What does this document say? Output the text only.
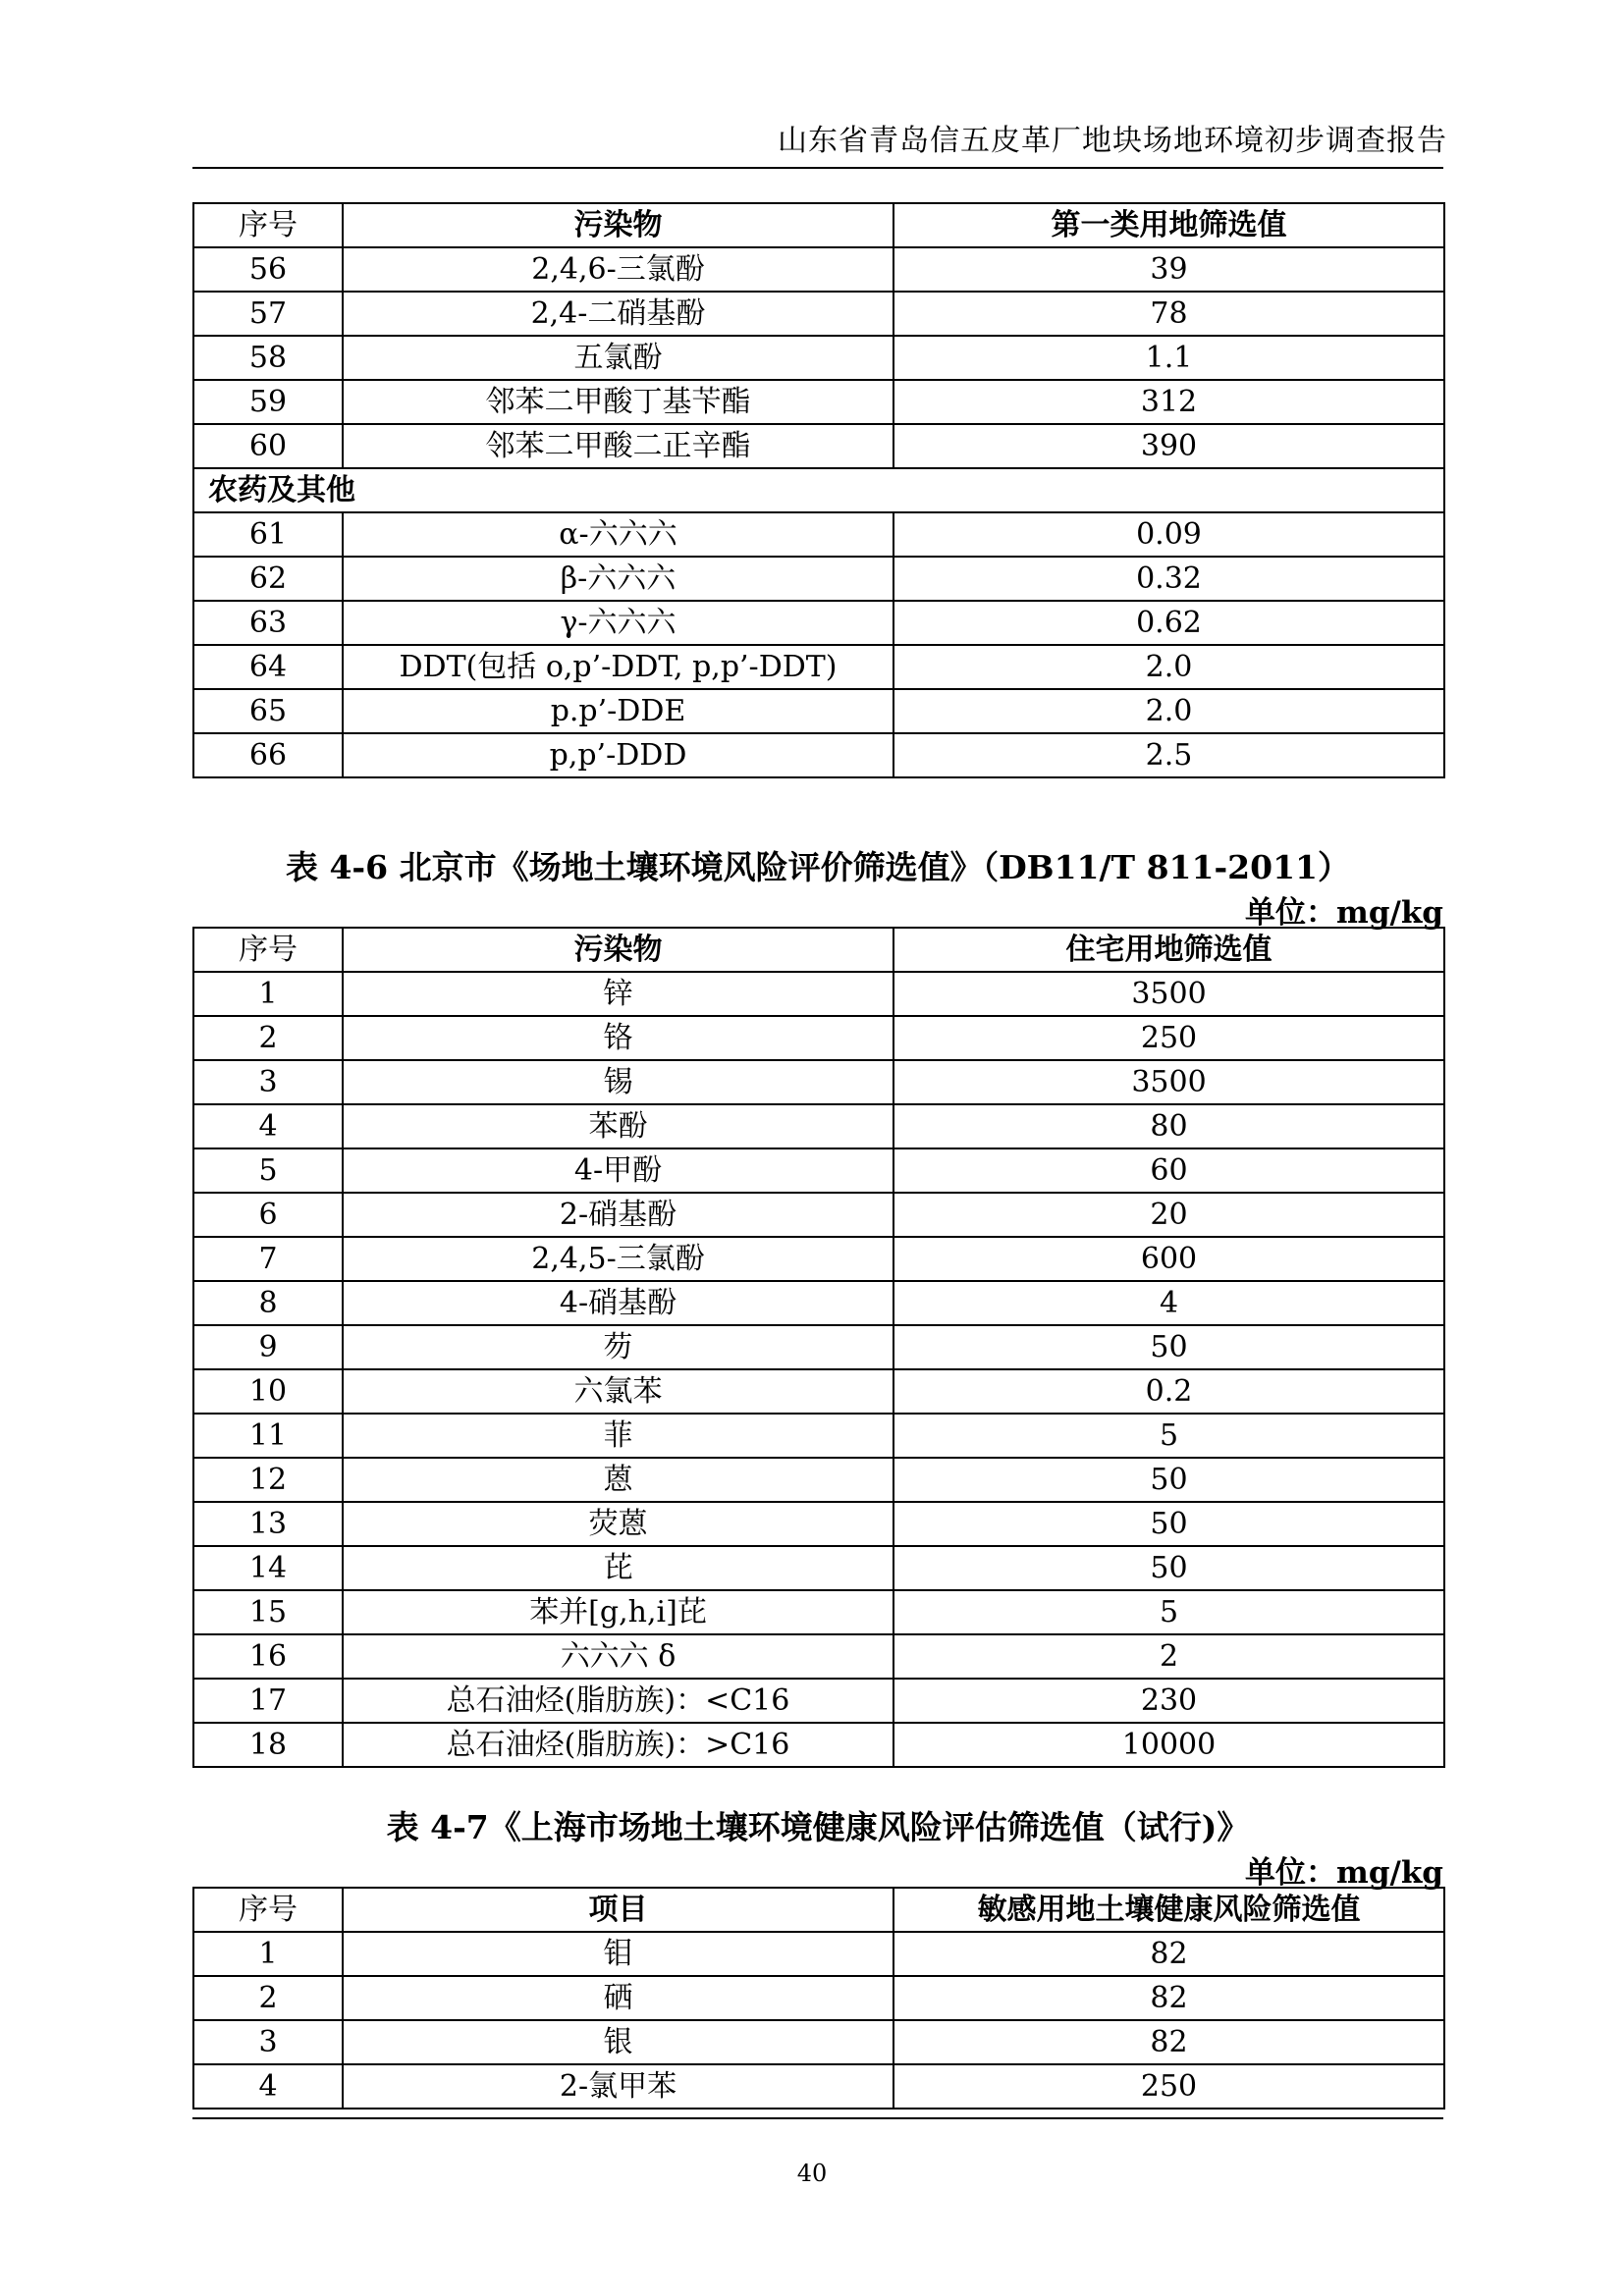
山东省青岛信五皮革厂地块场地环境初步调查报告
序号	污染物	第一类用地筛选值
56	2,4,6-三氯酚	39
57	2,4-二硝基酚	78
58	五氯酚	1.1
59	邻苯二甲酸丁基苄酯	312
60	邻苯二甲酸二正辛酯	390
农药及其他		
61	α-六六六	0.09
62	β-六六六	0.32
63	γ-六六六	0.62
64	DDT(包括 o,p’-DDT, p,p’-DDT)	2.0
65	p.p’-DDE	2.0
66	p,p’-DDD	2.5
表 4-6 北京市《场地土壤环境风险评价筛选值》（DB11/T 811-2011）
单位：mg/kg
序号	污染物	住宅用地筛选值
1	锌	3500
2	铬	250
3	锡	3500
4	苯酚	80
5	4-甲酚	60
6	2-硝基酚	20
7	2,4,5-三氯酚	600
8	4-硝基酚	4
9	芴	50
10	六氯苯	0.2
11	菲	5
12	蒽	50
13	荧蒽	50
14	芘	50
15	苯并[g,h,i]芘	5
16	六六六 δ	2
17	总石油烃(脂肪族)：<C16	230
18	总石油烃(脂肪族)：>C16	10000
表 4-7《上海市场地土壤环境健康风险评估筛选值（试行)》
单位：mg/kg
序号	项目	敏感用地土壤健康风险筛选值
1	钼	82
2	硒	82
3	银	82
4	2-氯甲苯	250
40
